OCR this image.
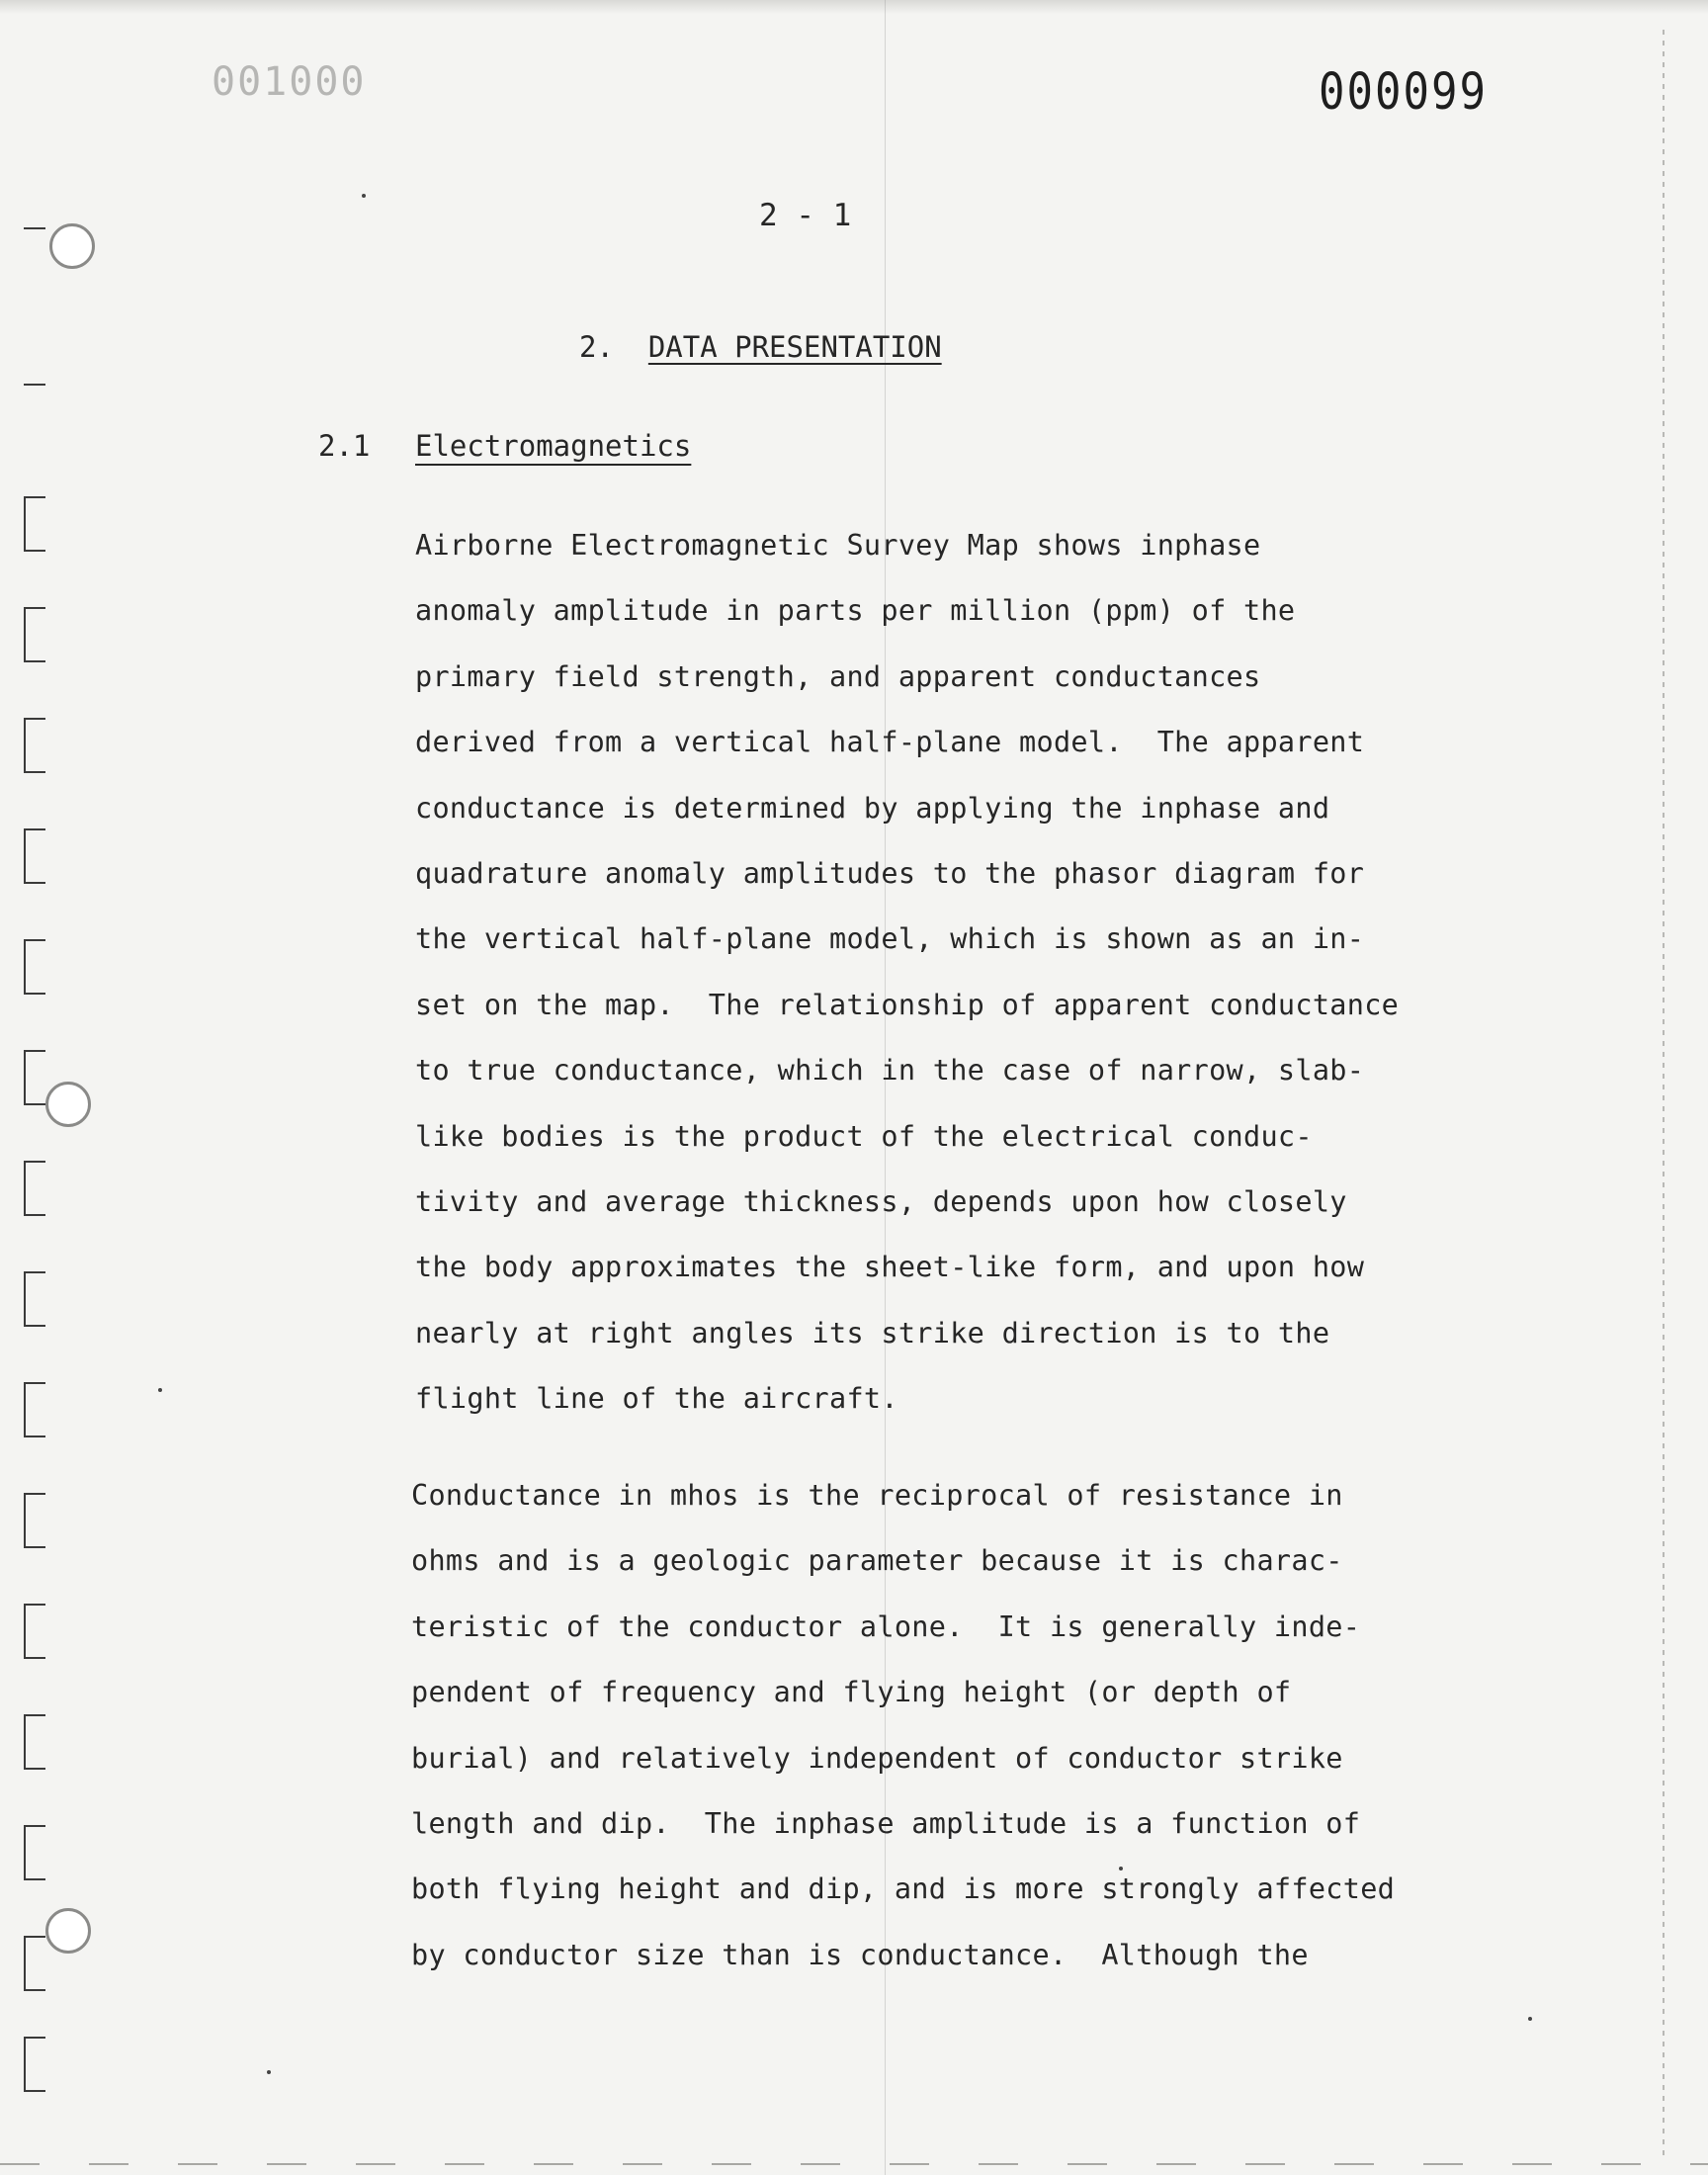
001000	000099
2 - 1
2. DATA PRESENTATION
2.1 Electromagnetics
Airborne Electromagnetic Survey Map shows inphase
anomaly amplitude in parts per million (ppm) of the
primary field strength, and apparent conductances
derived from a vertical half-plane model.  The apparent
conductance is determined by applying the inphase and
quadrature anomaly amplitudes to the phasor diagram for
the vertical half-plane model, which is shown as an in-
set on the map.  The relationship of apparent conductance
to true conductance, which in the case of narrow, slab-
like bodies is the product of the electrical conduc-
tivity and average thickness, depends upon how closely
the body approximates the sheet-like form, and upon how
nearly at right angles its strike direction is to the
flight line of the aircraft.
Conductance in mhos is the reciprocal of resistance in
ohms and is a geologic parameter because it is charac-
teristic of the conductor alone.  It is generally inde-
pendent of frequency and flying height (or depth of
burial) and relatively independent of conductor strike
length and dip.  The inphase amplitude is a function of
both flying height and dip, and is more strongly affected
by conductor size than is conductance.  Although the
